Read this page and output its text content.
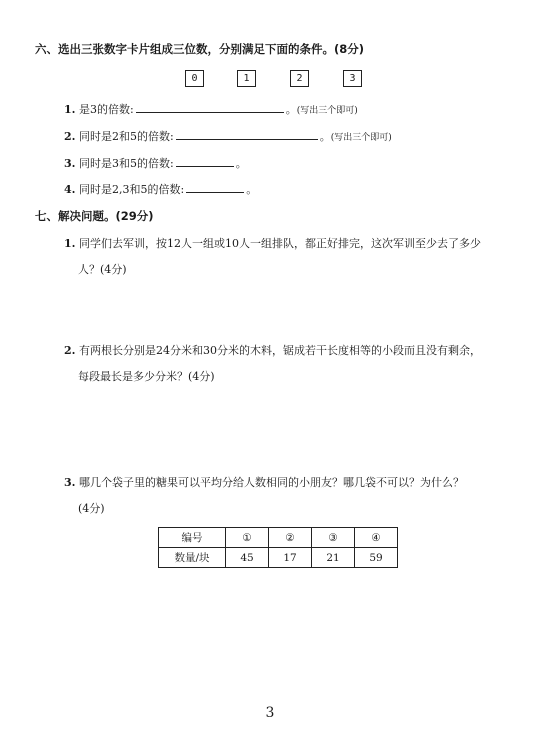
六、选出三张数字卡片组成三位数，分别满足下面的条件。(8分)
0	1	2	3
1. 是3的倍数:	。(写出三个即可)
2. 同时是2和5的倍数:	。(写出三个即可)
3. 同时是3和5的倍数:	。
4. 同时是2,3和5的倍数:	。
七、解决问题。(29分)
1. 同学们去军训，按12人一组或10人一组排队，都正好排完，这次军训至少去了多少
人？(4分)
2. 有两根长分别是24分米和30分米的木料，锯成若干长度相等的小段而且没有剩余，
每段最长是多少分米？(4分)
3. 哪几个袋子里的糖果可以平均分给人数相同的小朋友？哪几袋不可以？为什么？
(4分)
编号	①	②	③	④
数量/块	45	17	21	59
3
